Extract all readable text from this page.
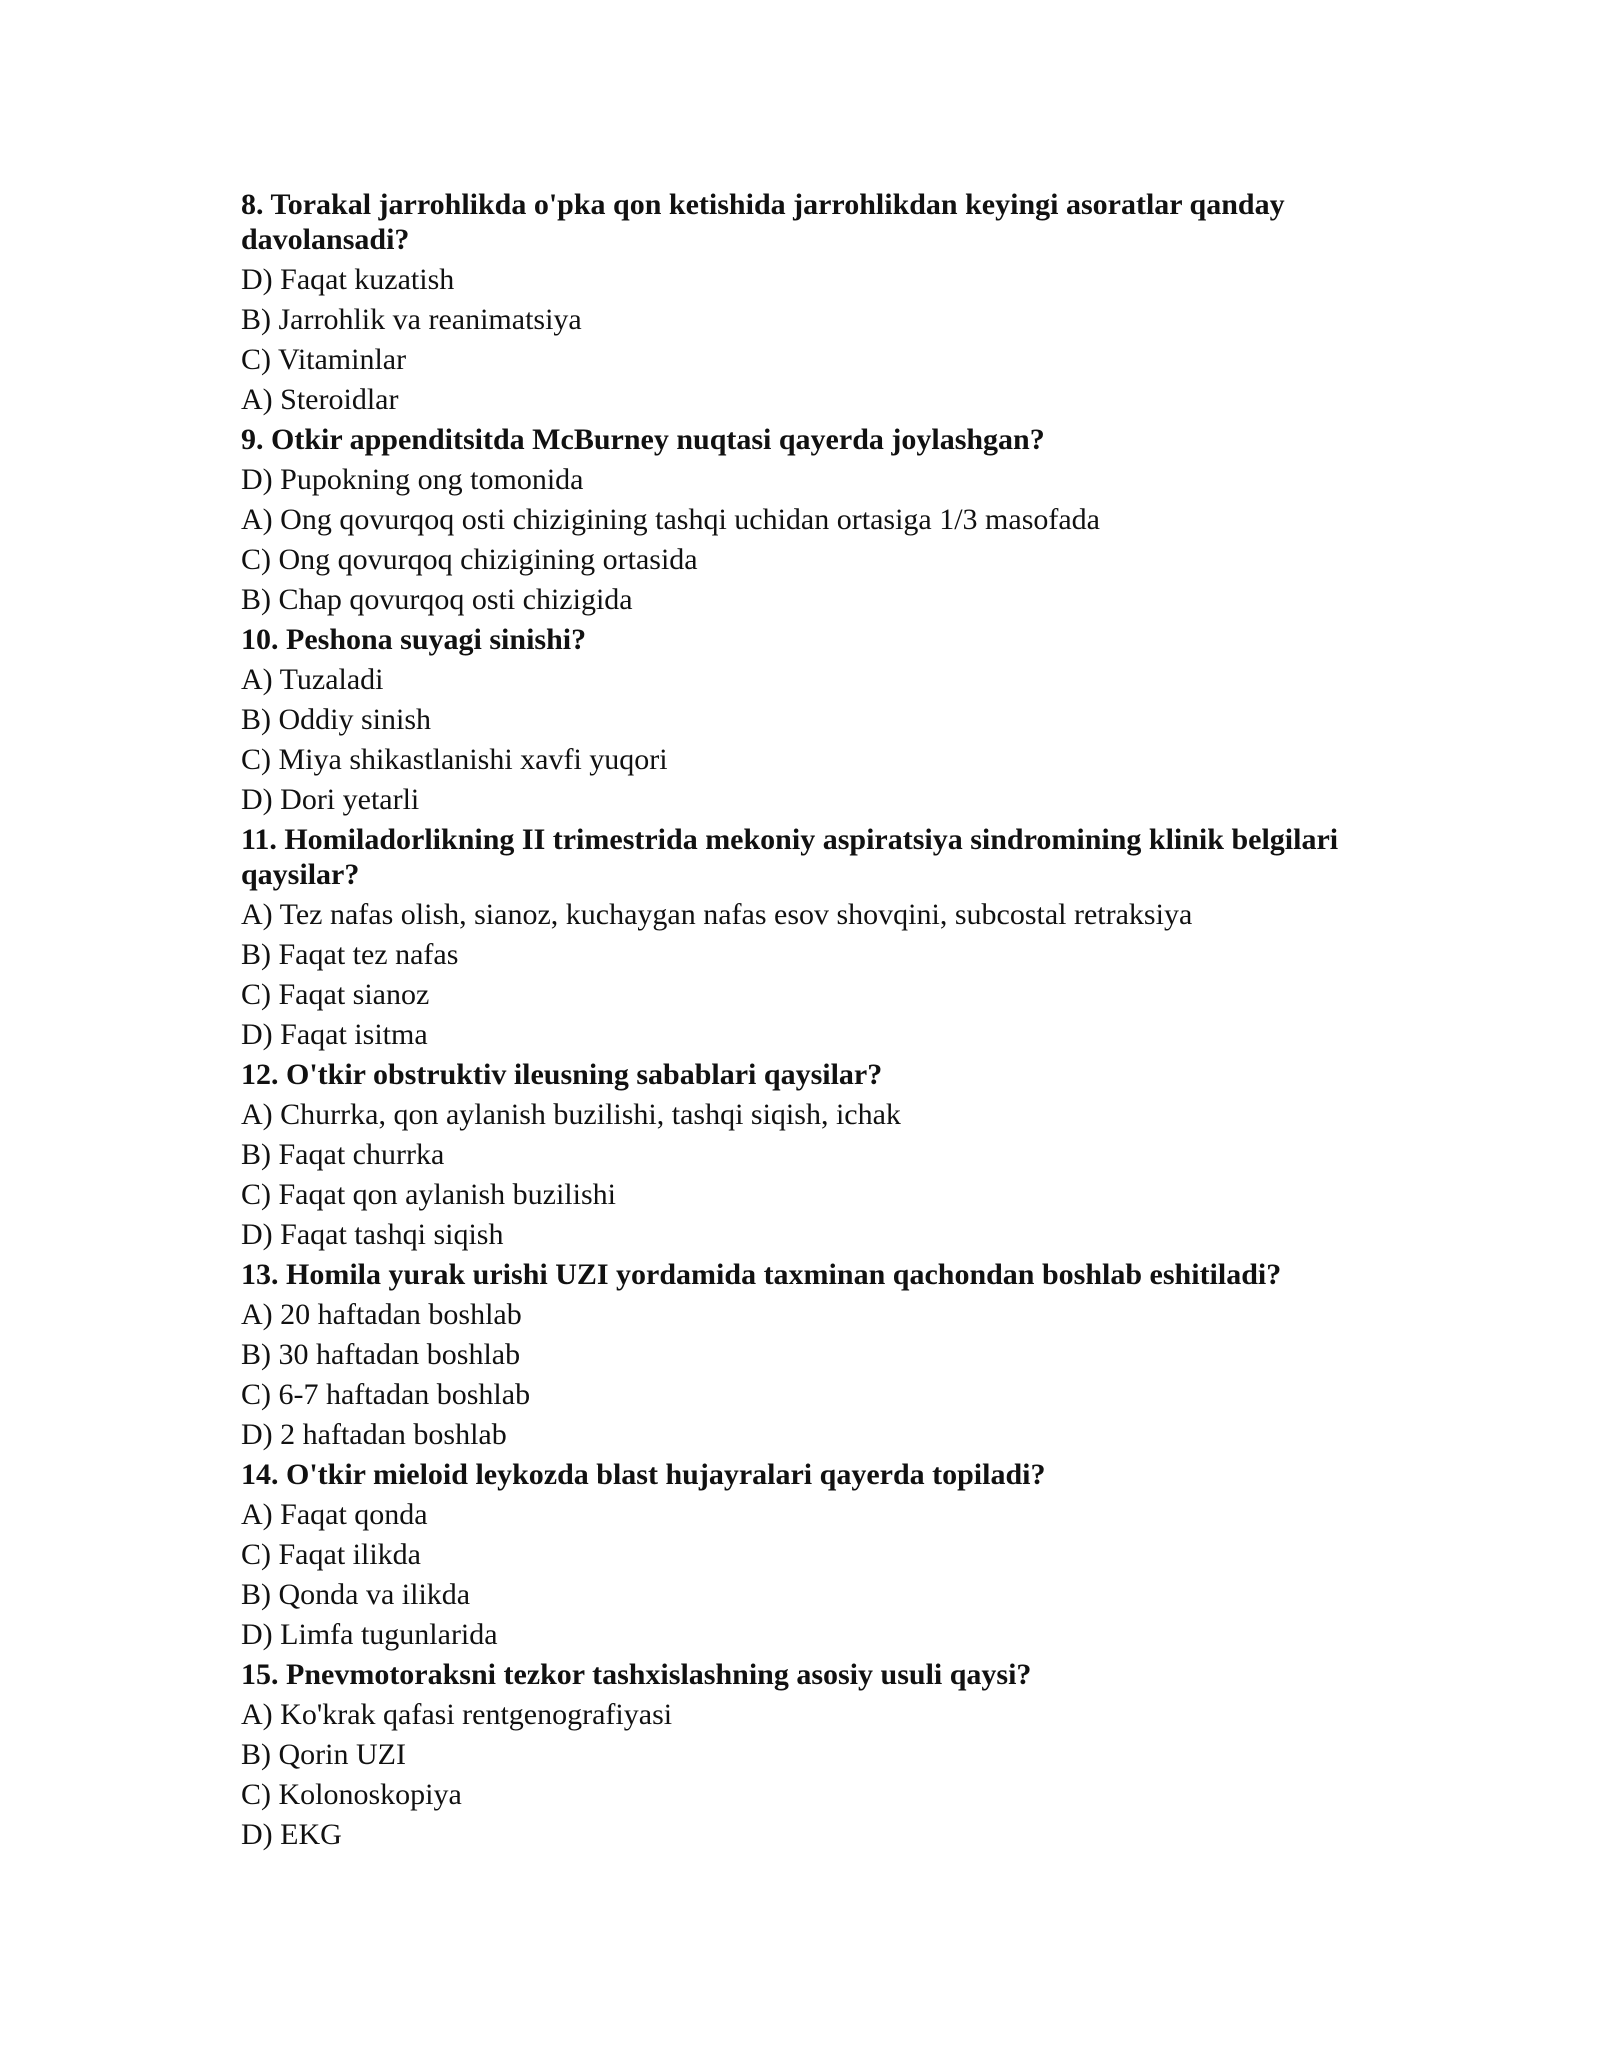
8. Torakal jarrohlikda o'pka qon ketishida jarrohlikdan keyingi asoratlar qanday davolansadi?
D) Faqat kuzatish
B) Jarrohlik va reanimatsiya
C) Vitaminlar
A) Steroidlar
9. Otkir appenditsitda McBurney nuqtasi qayerda joylashgan?
D) Pupokning ong tomonida
A) Ong qovurqoq osti chizigining tashqi uchidan ortasiga 1/3 masofada
C) Ong qovurqoq chizigining ortasida
B) Chap qovurqoq osti chizigida
10. Peshona suyagi sinishi?
A) Tuzaladi
B) Oddiy sinish
C) Miya shikastlanishi xavfi yuqori
D) Dori yetarli
11. Homiladorlikning II trimestrida mekoniy aspiratsiya sindromining klinik belgilari qaysilar?
A) Tez nafas olish, sianoz, kuchaygan nafas esov shovqini, subcostal retraksiya
B) Faqat tez nafas
C) Faqat sianoz
D) Faqat isitma
12. O'tkir obstruktiv ileusning sabablari qaysilar?
A) Churrka, qon aylanish buzilishi, tashqi siqish, ichak
B) Faqat churrka
C) Faqat qon aylanish buzilishi
D) Faqat tashqi siqish
13. Homila yurak urishi UZI yordamida taxminan qachondan boshlab eshitiladi?
A) 20 haftadan boshlab
B) 30 haftadan boshlab
C) 6-7 haftadan boshlab
D) 2 haftadan boshlab
14. O'tkir mieloid leykozda blast hujayralari qayerda topiladi?
A) Faqat qonda
C) Faqat ilikda
B) Qonda va ilikda
D) Limfa tugunlarida
15. Pnevmotoraksni tezkor tashxislashning asosiy usuli qaysi?
A) Ko'krak qafasi rentgenografiyasi
B) Qorin UZI
C) Kolonoskopiya
D) EKG
